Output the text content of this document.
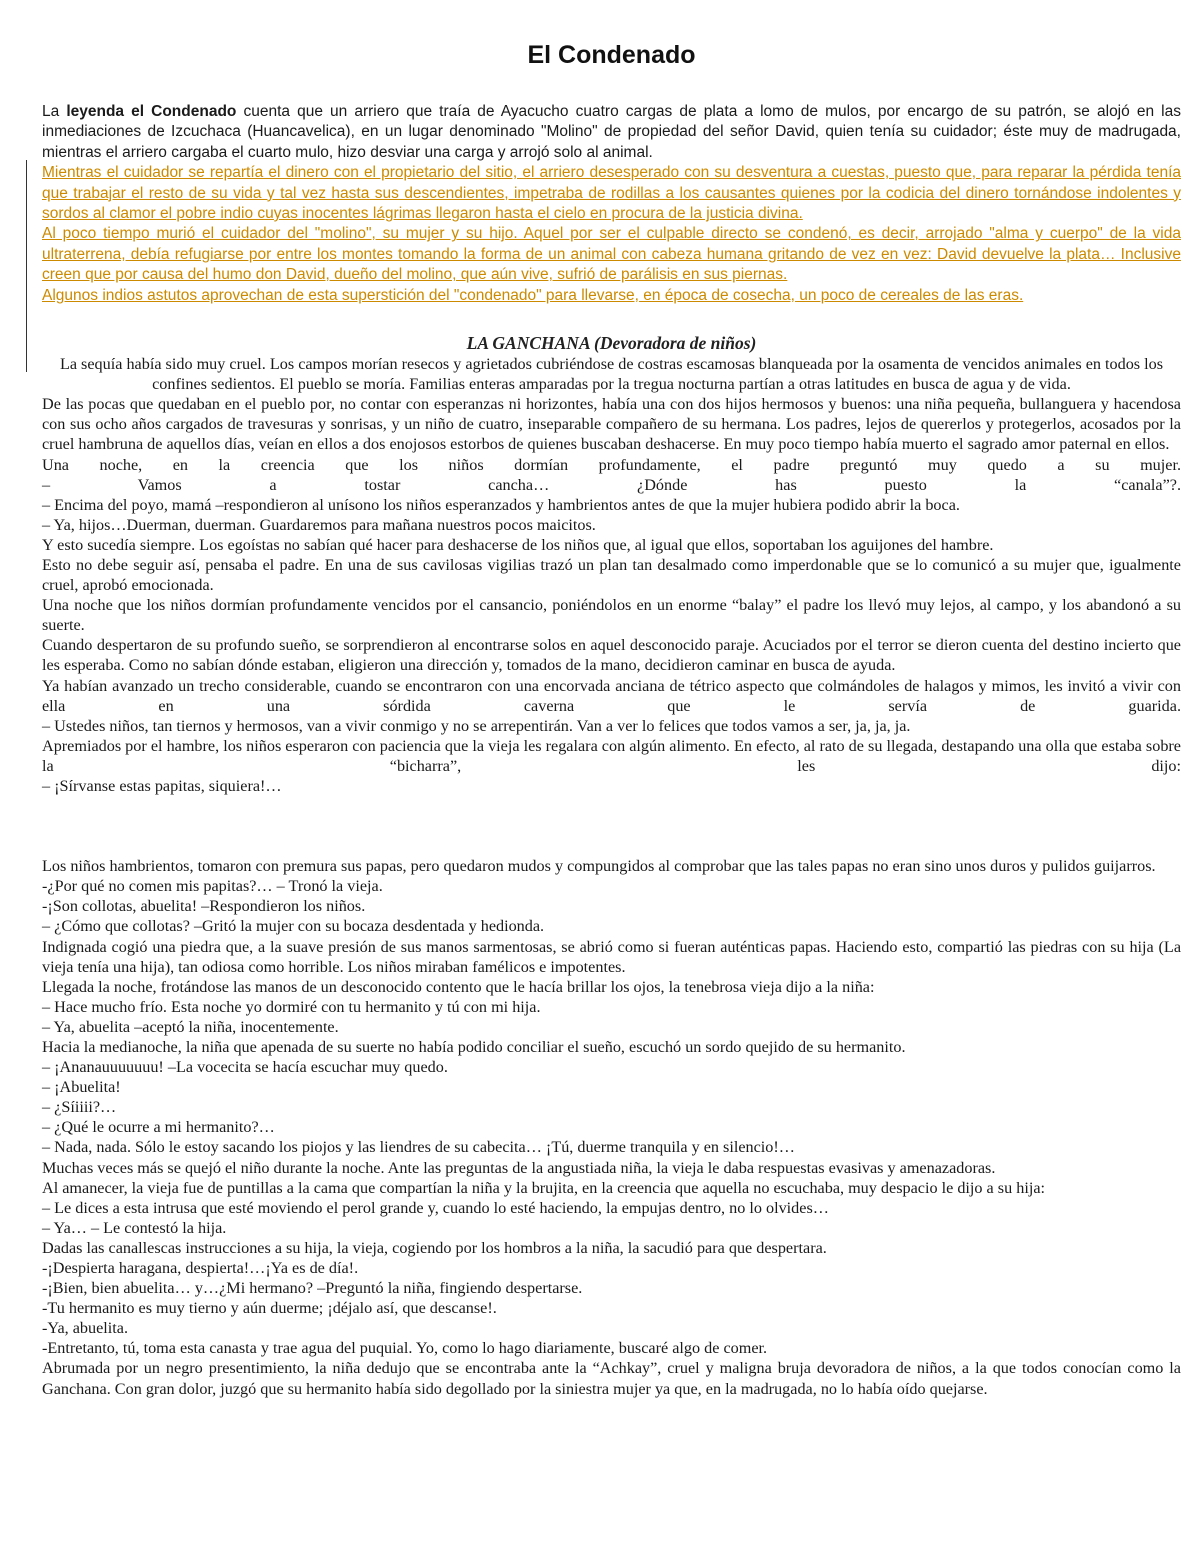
El Condenado

La leyenda el Condenado cuenta que un arriero que traía de Ayacucho cuatro cargas de plata a lomo de mulos, por encargo de su patrón, se alojó en las inmediaciones de Izcuchaca (Huancavelica), en un lugar denominado "Molino" de propiedad del señor David, quien tenía su cuidador; éste muy de madrugada, mientras el arriero cargaba el cuarto mulo, hizo desviar una carga y arrojó solo al animal.

Mientras el cuidador se repartía el dinero con el propietario del sitio, el arriero desesperado con su desventura a cuestas, puesto que, para reparar la pérdida tenía que trabajar el resto de su vida y tal vez hasta sus descendientes, impetraba de rodillas a los causantes quienes por la codicia del dinero tornándose indolentes y sordos al clamor el pobre indio cuyas inocentes lágrimas llegaron hasta el cielo en procura de la justicia divina.

Al poco tiempo murió el cuidador del "molino", su mujer y su hijo. Aquel por ser el culpable directo se condenó, es decir, arrojado "alma y cuerpo" de la vida ultraterrena, debía refugiarse por entre los montes tomando la forma de un animal con cabeza humana gritando de vez en vez: David devuelve la plata… Inclusive creen que por causa del humo don David, dueño del molino, que aún vive, sufrió de parálisis en sus piernas.

Algunos indios astutos aprovechan de esta superstición del "condenado" para llevarse, en época de cosecha, un poco de cereales de las eras.

LA GANCHANA (Devoradora de niños)

La sequía había sido muy cruel. Los campos morían resecos y agrietados cubriéndose de costras escamosas blanqueada por la osamenta de vencidos animales en todos los confines sedientos. El pueblo se moría. Familias enteras amparadas por la tregua nocturna partían a otras latitudes en busca de agua y de vida.

De las pocas que quedaban en el pueblo por, no contar con esperanzas ni horizontes, había una con dos hijos hermosos y buenos: una niña pequeña, bullanguera y hacendosa con sus ocho años cargados de travesuras y sonrisas, y un niño de cuatro, inseparable compañero de su hermana. Los padres, lejos de quererlos y protegerlos, acosados por la cruel hambruna de aquellos días, veían en ellos a dos enojosos estorbos de quienes buscaban deshacerse. En muy poco tiempo había muerto el sagrado amor paternal en ellos.

Una noche, en la creencia que los niños dormían profundamente, el padre preguntó muy quedo a su mujer.

– Vamos a tostar cancha… ¿Dónde has puesto la “canala”?.

– Encima del poyo, mamá –respondieron al unísono los niños esperanzados y hambrientos antes de que la mujer hubiera podido abrir la boca.

– Ya, hijos…Duerman, duerman. Guardaremos para mañana nuestros pocos maicitos.

Y esto sucedía siempre. Los egoístas no sabían qué hacer para deshacerse de los niños que, al igual que ellos, soportaban los aguijones del hambre.

Esto no debe seguir así, pensaba el padre. En una de sus cavilosas vigilias trazó un plan tan desalmado como imperdonable que se lo comunicó a su mujer que, igualmente cruel, aprobó emocionada.

Una noche que los niños dormían profundamente vencidos por el cansancio, poniéndolos en un enorme “balay” el padre los llevó muy lejos, al campo, y los abandonó a su suerte.

Cuando despertaron de su profundo sueño, se sorprendieron al encontrarse solos en aquel desconocido paraje. Acuciados por el terror se dieron cuenta del destino incierto que les esperaba. Como no sabían dónde estaban, eligieron una dirección y, tomados de la mano, decidieron caminar en busca de ayuda.

Ya habían avanzado un trecho considerable, cuando se encontraron con una encorvada anciana de tétrico aspecto que colmándoles de halagos y mimos, les invitó a vivir con ella en una sórdida caverna que le servía de guarida.

– Ustedes niños, tan tiernos y hermosos, van a vivir conmigo y no se arrepentirán. Van a ver lo felices que todos vamos a ser, ja, ja, ja.

Apremiados por el hambre, los niños esperaron con paciencia que la vieja les regalara con algún alimento. En efecto, al rato de su llegada, destapando una olla que estaba sobre la “bicharra”, les dijo:

– ¡Sírvanse estas papitas, siquiera!…

Los niños hambrientos, tomaron con premura sus papas, pero quedaron mudos y compungidos al comprobar que las tales papas no eran sino unos duros y pulidos guijarros.

-¿Por qué no comen mis papitas?… – Tronó la vieja.

-¡Son collotas, abuelita! –Respondieron los niños.

– ¿Cómo que collotas? –Gritó la mujer con su bocaza desdentada y hedionda.

Indignada cogió una piedra que, a la suave presión de sus manos sarmentosas, se abrió como si fueran auténticas papas. Haciendo esto, compartió las piedras con su hija (La vieja tenía una hija), tan odiosa como horrible. Los niños miraban famélicos e impotentes.

Llegada la noche, frotándose las manos de un desconocido contento que le hacía brillar los ojos, la tenebrosa vieja dijo a la niña:

– Hace mucho frío. Esta noche yo dormiré con tu hermanito y tú con mi hija.

– Ya, abuelita –aceptó la niña, inocentemente.

Hacia la medianoche, la niña que apenada de su suerte no había podido conciliar el sueño, escuchó un sordo quejido de su hermanito.

– ¡Ananauuuuuuu! –La vocecita se hacía escuchar muy quedo.

– ¡Abuelita!

– ¿Síiiii?…

– ¿Qué le ocurre a mi hermanito?…

– Nada, nada. Sólo le estoy sacando los piojos y las liendres de su cabecita… ¡Tú, duerme tranquila y en silencio!…

Muchas veces más se quejó el niño durante la noche. Ante las preguntas de la angustiada niña, la vieja le daba respuestas evasivas y amenazadoras.

Al amanecer, la vieja fue de puntillas a la cama que compartían la niña y la brujita, en la creencia que aquella no escuchaba, muy despacio le dijo a su hija:

– Le dices a esta intrusa que esté moviendo el perol grande y, cuando lo esté haciendo, la empujas dentro, no lo olvides…

– Ya… – Le contestó la hija.

Dadas las canallescas instrucciones a su hija, la vieja, cogiendo por los hombros a la niña, la sacudió para que despertara.

-¡Despierta haragana, despierta!…¡Ya es de día!.

-¡Bien, bien abuelita… y…¿Mi hermano? –Preguntó la niña, fingiendo despertarse.

-Tu hermanito es muy tierno y aún duerme; ¡déjalo así, que descanse!.

-Ya, abuelita.

-Entretanto, tú, toma esta canasta y trae agua del puquial. Yo, como lo hago diariamente, buscaré algo de comer.

Abrumada por un negro presentimiento, la niña dedujo que se encontraba ante la “Achkay”, cruel y maligna bruja devoradora de niños, a la que todos conocían como la Ganchana. Con gran dolor, juzgó que su hermanito había sido degollado por la siniestra mujer ya que, en la madrugada, no lo había oído quejarse.
